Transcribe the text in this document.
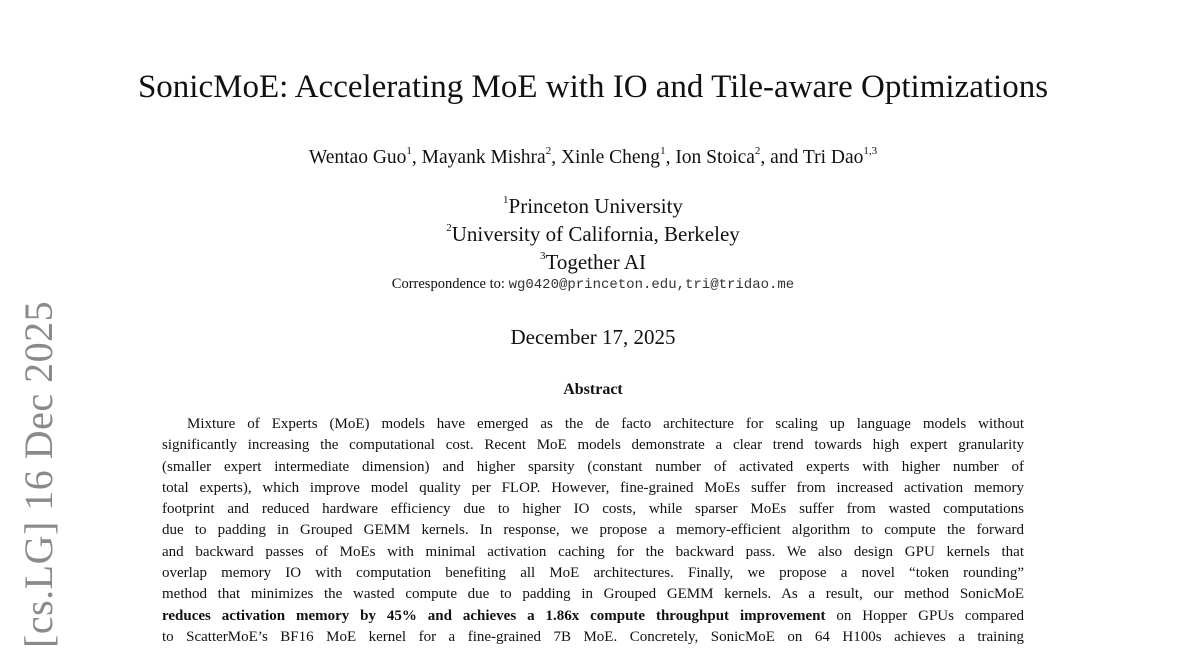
[cs.LG] 16 Dec 2025
SonicMoE: Accelerating MoE with IO and Tile-aware Optimizations
Wentao Guo$^1$, Mayank Mishra$^2$, Xinle Cheng$^1$, Ion Stoica$^2$, and Tri Dao$^{1,3}$
$^1$Princeton University
$^2$University of California, Berkeley
$^3$Together AI
Correspondence to: wg0420@princeton.edu,tri@tridao.me
December 17, 2025
Abstract
Mixture of Experts (MoE) models have emerged as the de facto architecture for scaling up language models without
significantly increasing the computational cost. Recent MoE models demonstrate a clear trend towards high expert granularity
(smaller expert intermediate dimension) and higher sparsity (constant number of activated experts with higher number of
total experts), which improve model quality per FLOP. However, fine-grained MoEs suffer from increased activation memory
footprint and reduced hardware efficiency due to higher IO costs, while sparser MoEs suffer from wasted computations
due to padding in Grouped GEMM kernels. In response, we propose a memory-efficient algorithm to compute the forward
and backward passes of MoEs with minimal activation caching for the backward pass. We also design GPU kernels that
overlap memory IO with computation benefiting all MoE architectures. Finally, we propose a novel “token rounding”
method that minimizes the wasted compute due to padding in Grouped GEMM kernels. As a result, our method SonicMoE
reduces activation memory by 45% and achieves a 1.86x compute throughput improvement on Hopper GPUs compared
to ScatterMoE’s BF16 MoE kernel for a fine-grained 7B MoE. Concretely, SonicMoE on 64 H100s achieves a training
